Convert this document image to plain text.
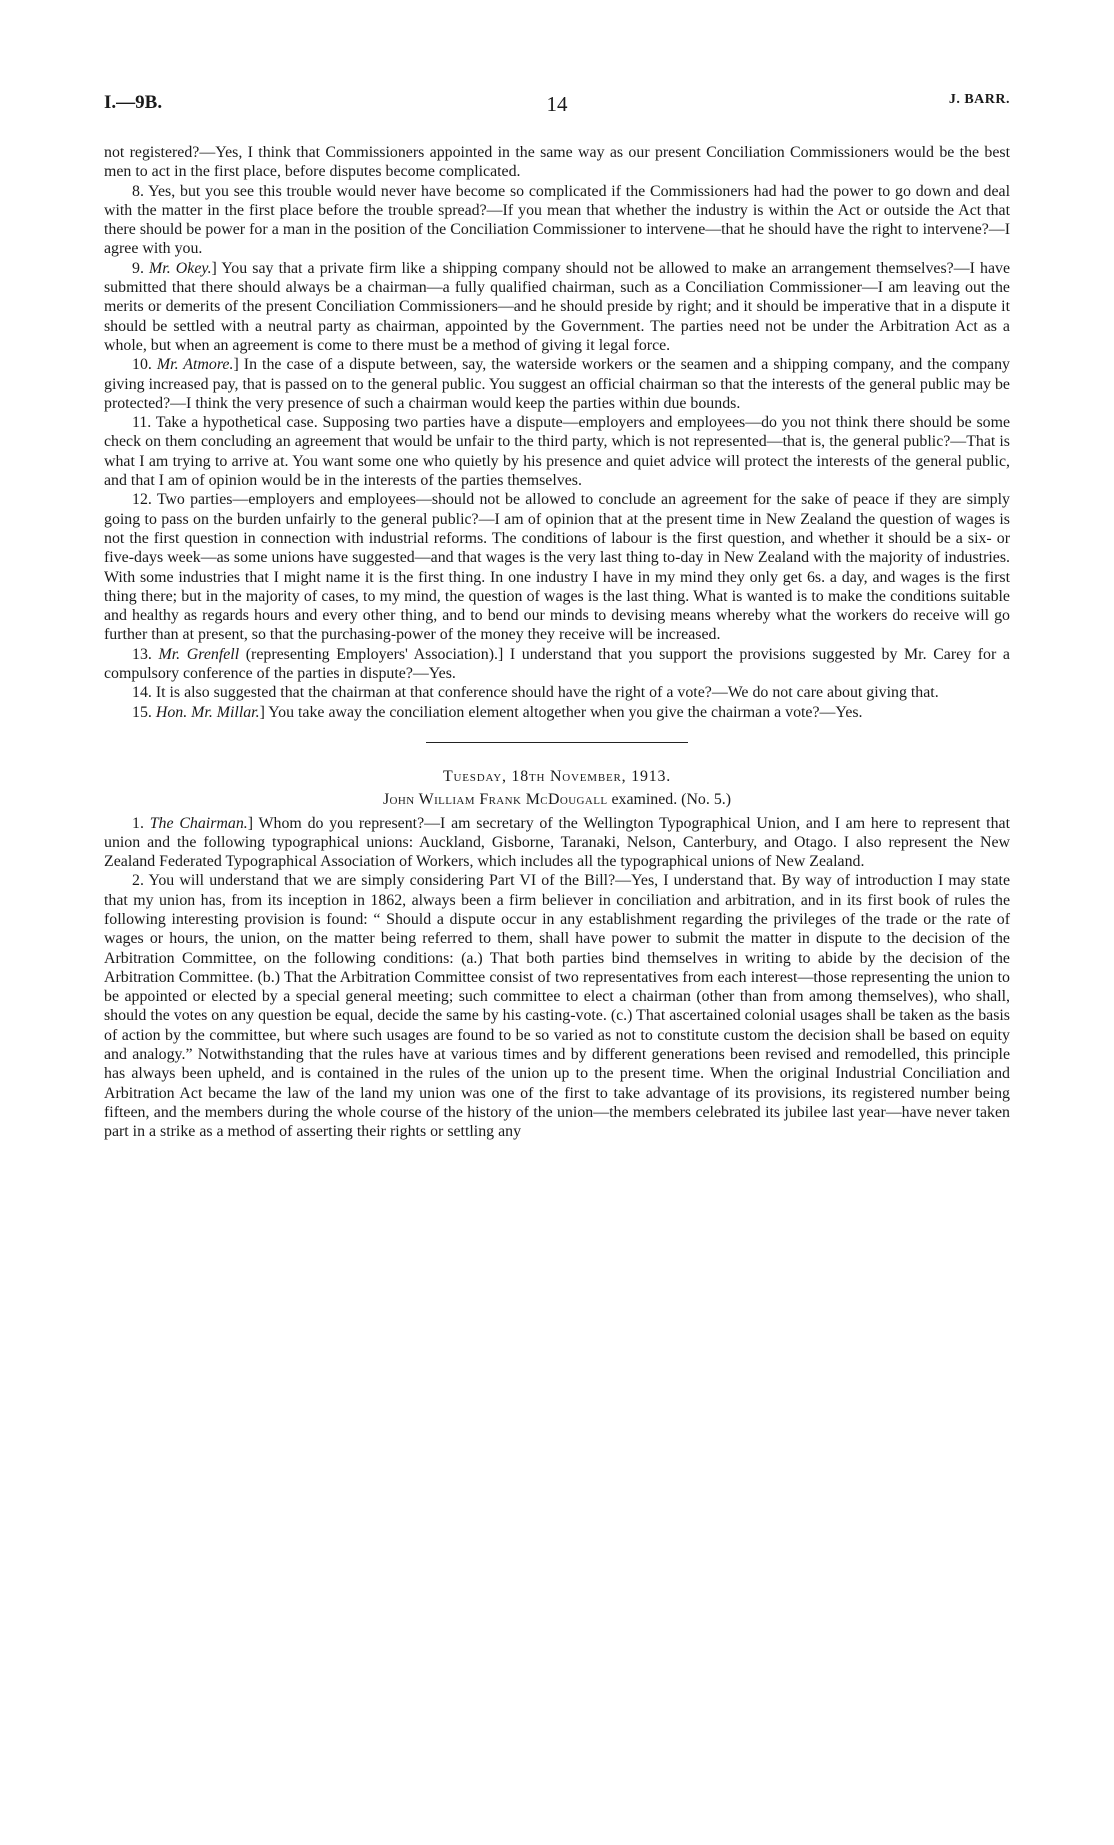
I.—9B.	14	J. BARR.

not registered?—Yes, I think that Commissioners appointed in the same way as our present Conciliation Commissioners would be the best men to act in the first place, before disputes become complicated.

8. Yes, but you see this trouble would never have become so complicated if the Commissioners had had the power to go down and deal with the matter in the first place before the trouble spread?—If you mean that whether the industry is within the Act or outside the Act that there should be power for a man in the position of the Conciliation Commissioner to intervene—that he should have the right to intervene?—I agree with you.

9. Mr. Okey.] You say that a private firm like a shipping company should not be allowed to make an arrangement themselves?—I have submitted that there should always be a chairman—a fully qualified chairman, such as a Conciliation Commissioner—I am leaving out the merits or demerits of the present Conciliation Commissioners—and he should preside by right; and it should be imperative that in a dispute it should be settled with a neutral party as chairman, appointed by the Government. The parties need not be under the Arbitration Act as a whole, but when an agreement is come to there must be a method of giving it legal force.

10. Mr. Atmore.] In the case of a dispute between, say, the waterside workers or the seamen and a shipping company, and the company giving increased pay, that is passed on to the general public. You suggest an official chairman so that the interests of the general public may be protected?—I think the very presence of such a chairman would keep the parties within due bounds.

11. Take a hypothetical case. Supposing two parties have a dispute—employers and employees—do you not think there should be some check on them concluding an agreement that would be unfair to the third party, which is not represented—that is, the general public?—That is what I am trying to arrive at. You want some one who quietly by his presence and quiet advice will protect the interests of the general public, and that I am of opinion would be in the interests of the parties themselves.

12. Two parties—employers and employees—should not be allowed to conclude an agreement for the sake of peace if they are simply going to pass on the burden unfairly to the general public?—I am of opinion that at the present time in New Zealand the question of wages is not the first question in connection with industrial reforms. The conditions of labour is the first question, and whether it should be a six- or five-days week—as some unions have suggested—and that wages is the very last thing to-day in New Zealand with the majority of industries. With some industries that I might name it is the first thing. In one industry I have in my mind they only get 6s. a day, and wages is the first thing there; but in the majority of cases, to my mind, the question of wages is the last thing. What is wanted is to make the conditions suitable and healthy as regards hours and every other thing, and to bend our minds to devising means whereby what the workers do receive will go further than at present, so that the purchasing-power of the money they receive will be increased.

13. Mr. Grenfell (representing Employers' Association).] I understand that you support the provisions suggested by Mr. Carey for a compulsory conference of the parties in dispute?—Yes.

14. It is also suggested that the chairman at that conference should have the right of a vote?—We do not care about giving that.

15. Hon. Mr. Millar.] You take away the conciliation element altogether when you give the chairman a vote?—Yes.

Tuesday, 18th November, 1913.
John William Frank McDougall examined. (No. 5.)

1. The Chairman.] Whom do you represent?—I am secretary of the Wellington Typographical Union, and I am here to represent that union and the following typographical unions: Auckland, Gisborne, Taranaki, Nelson, Canterbury, and Otago. I also represent the New Zealand Federated Typographical Association of Workers, which includes all the typographical unions of New Zealand.

2. You will understand that we are simply considering Part VI of the Bill?—Yes, I understand that. By way of introduction I may state that my union has, from its inception in 1862, always been a firm believer in conciliation and arbitration, and in its first book of rules the following interesting provision is found: “ Should a dispute occur in any establishment regarding the privileges of the trade or the rate of wages or hours, the union, on the matter being referred to them, shall have power to submit the matter in dispute to the decision of the Arbitration Committee, on the following conditions: (a.) That both parties bind themselves in writing to abide by the decision of the Arbitration Committee. (b.) That the Arbitration Committee consist of two representatives from each interest—those representing the union to be appointed or elected by a special general meeting; such committee to elect a chairman (other than from among themselves), who shall, should the votes on any question be equal, decide the same by his casting-vote. (c.) That ascertained colonial usages shall be taken as the basis of action by the committee, but where such usages are found to be so varied as not to constitute custom the decision shall be based on equity and analogy.” Notwithstanding that the rules have at various times and by different generations been revised and remodelled, this principle has always been upheld, and is contained in the rules of the union up to the present time. When the original Industrial Conciliation and Arbitration Act became the law of the land my union was one of the first to take advantage of its provisions, its registered number being fifteen, and the members during the whole course of the history of the union—the members celebrated its jubilee last year—have never taken part in a strike as a method of asserting their rights or settling any
